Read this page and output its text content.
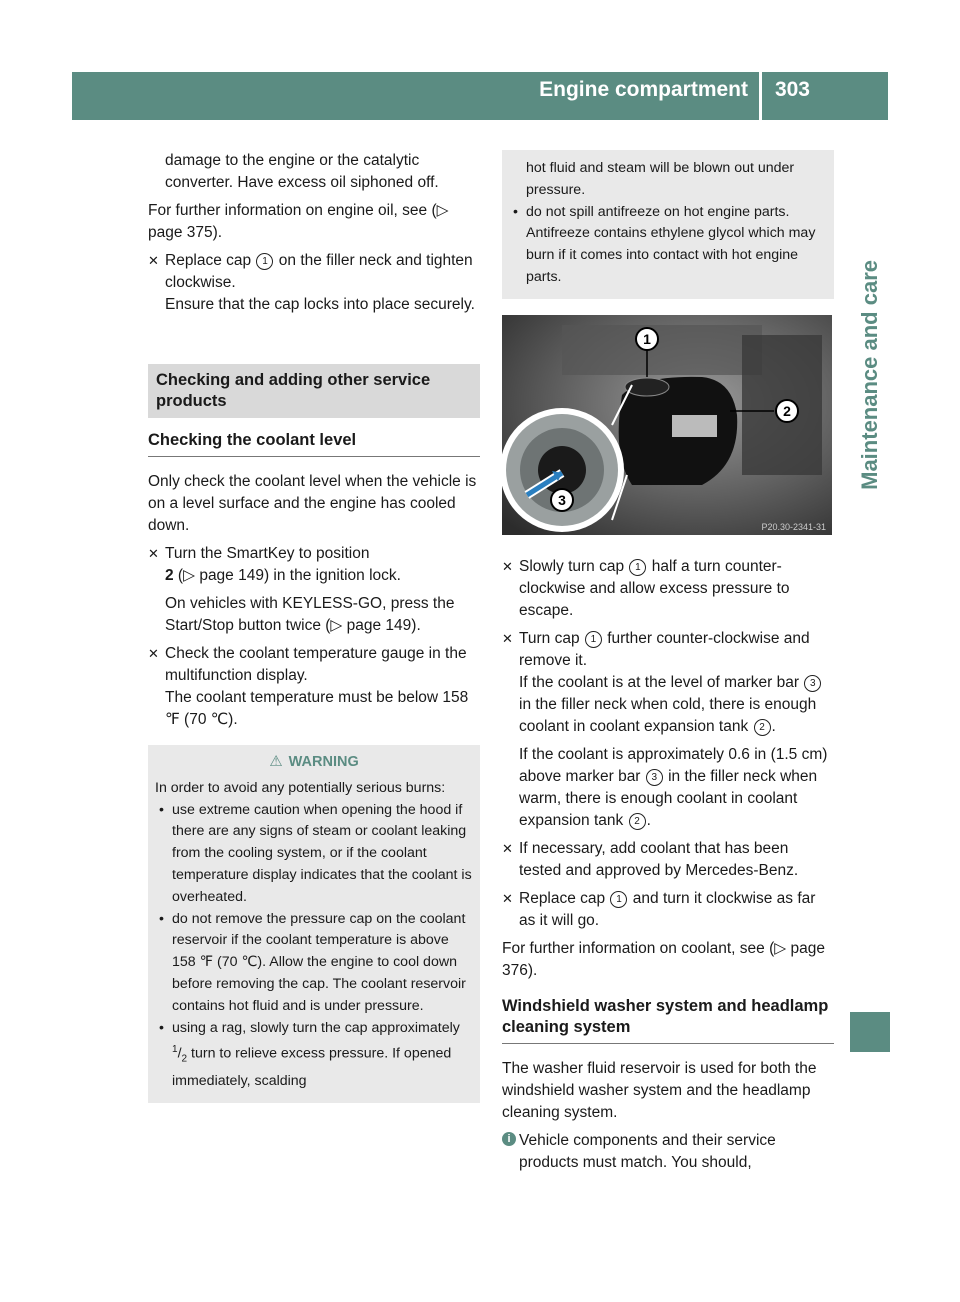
Engine compartment 303
Maintenance and care

damage to the engine or the catalytic converter. Have excess oil siphoned off.

For further information on engine oil, see (▷ page 375).

✕ Replace cap 1 on the filler neck and tighten clockwise.
Ensure that the cap locks into place securely.
Checking and adding other service products
Checking the coolant level

Only check the coolant level when the vehicle is on a level surface and the engine has cooled down.

✕ Turn the SmartKey to position
2 (▷ page 149) in the ignition lock.
On vehicles with KEYLESS-GO, press the Start/Stop button twice (▷ page 149).
✕ Check the coolant temperature gauge in the multifunction display.
The coolant temperature must be below 158 ℉ (70 ℃).
⚠ WARNING
In order to avoid any potentially serious burns:
• use extreme caution when opening the hood if there are any signs of steam or coolant leaking from the cooling system, or if the coolant temperature display indicates that the coolant is overheated.
• do not remove the pressure cap on the coolant reservoir if the coolant temperature is above 158 ℉ (70 ℃). Allow the engine to cool down before removing the cap. The coolant reservoir contains hot fluid and is under pressure.
• using a rag, slowly turn the cap approximately $^1/_2$ turn to relieve excess pressure. If opened immediately, scalding
hot fluid and steam will be blown out under pressure.
• do not spill antifreeze on hot engine parts. Antifreeze contains ethylene glycol which may burn if it comes into contact with hot engine parts.
1
2
3
P20.30-2341-31
✕ Slowly turn cap 1 half a turn counter-clockwise and allow excess pressure to escape.
✕ Turn cap 1 further counter-clockwise and remove it.
If the coolant is at the level of marker bar 3 in the filler neck when cold, there is enough coolant in coolant expansion tank 2 .
If the coolant is approximately 0.6 in (1.5 cm) above marker bar 3 in the filler neck when warm, there is enough coolant in coolant expansion tank 2 .
✕ If necessary, add coolant that has been tested and approved by Mercedes-Benz.
✕ Replace cap 1 and turn it clockwise as far as it will go.

For further information on coolant, see (▷ page 376).

Windshield washer system and headlamp cleaning system

The washer fluid reservoir is used for both the windshield washer system and the headlamp cleaning system.

i Vehicle components and their service products must match. You should,
